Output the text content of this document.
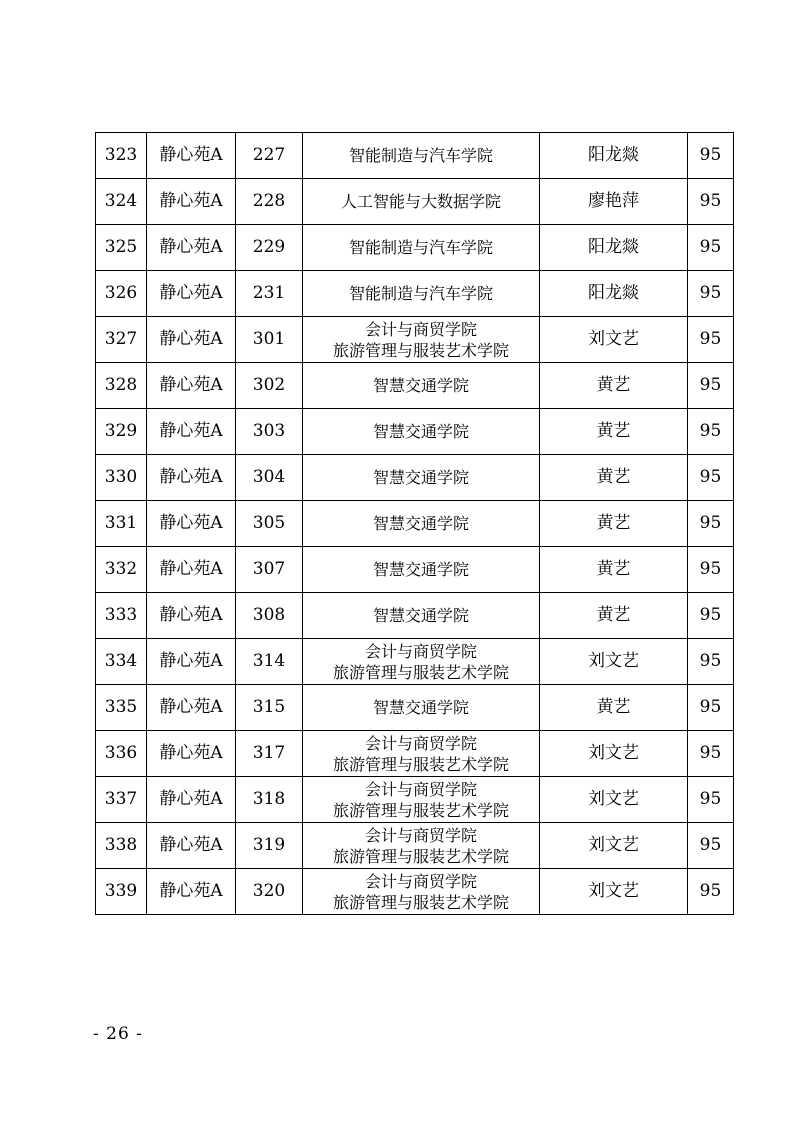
323	静心苑A	227	智能制造与汽车学院	阳龙燚	95
324	静心苑A	228	人工智能与大数据学院	廖艳萍	95
325	静心苑A	229	智能制造与汽车学院	阳龙燚	95
326	静心苑A	231	智能制造与汽车学院	阳龙燚	95
327	静心苑A	301	会计与商贸学院
旅游管理与服装艺术学院	刘文艺	95
328	静心苑A	302	智慧交通学院	黄艺	95
329	静心苑A	303	智慧交通学院	黄艺	95
330	静心苑A	304	智慧交通学院	黄艺	95
331	静心苑A	305	智慧交通学院	黄艺	95
332	静心苑A	307	智慧交通学院	黄艺	95
333	静心苑A	308	智慧交通学院	黄艺	95
334	静心苑A	314	会计与商贸学院
旅游管理与服装艺术学院	刘文艺	95
335	静心苑A	315	智慧交通学院	黄艺	95
336	静心苑A	317	会计与商贸学院
旅游管理与服装艺术学院	刘文艺	95
337	静心苑A	318	会计与商贸学院
旅游管理与服装艺术学院	刘文艺	95
338	静心苑A	319	会计与商贸学院
旅游管理与服装艺术学院	刘文艺	95
339	静心苑A	320	会计与商贸学院
旅游管理与服装艺术学院	刘文艺	95
- 26 -
